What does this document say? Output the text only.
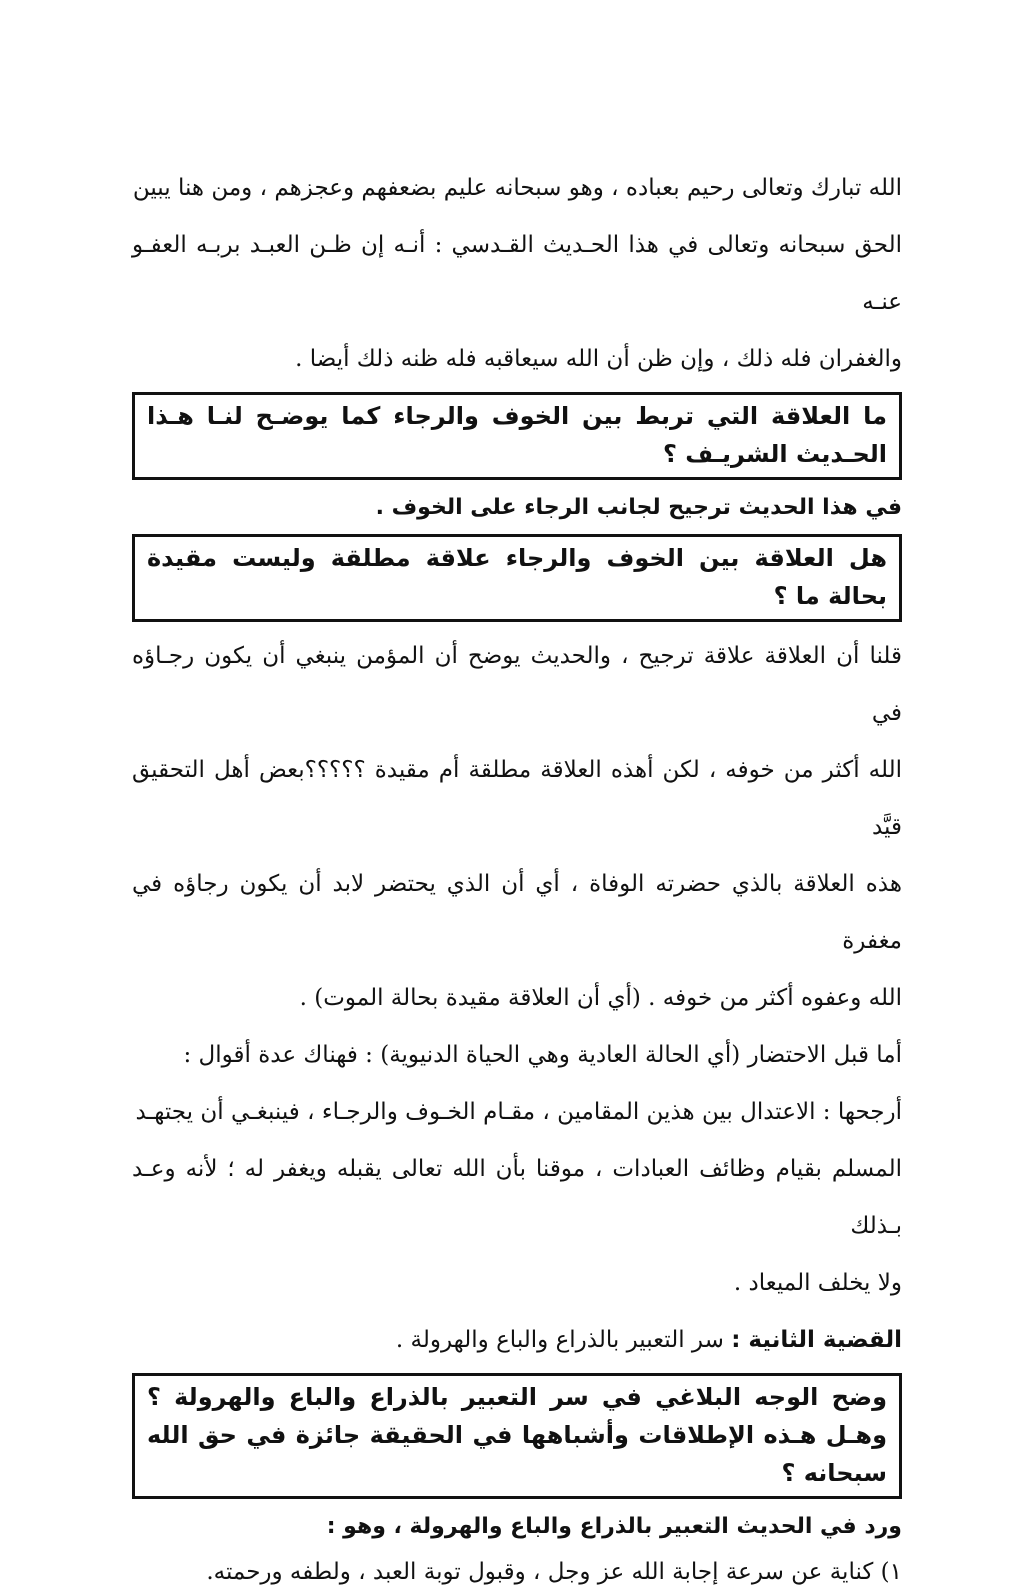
الله تبارك وتعالى رحيم بعباده ، وهو سبحانه عليم بضعفهم وعجزهم ، ومن هنا يبين

الحق سبحانه وتعالى في هذا الحـديث القـدسي : أنـه إن ظـن العبـد بربـه العفـو عنـه

والغفران فله ذلك ، وإن ظن أن الله سيعاقبه فله ظنه ذلك أيضا .

ما العلاقة التي تربط بين الخوف والرجاء كما يوضـح لنـا هـذا الحـديث الشريـف ؟

في هذا الحديث ترجيح لجانب الرجاء على الخوف .

هل العلاقة بين الخوف والرجاء علاقة مطلقة وليست مقيدة بحالة ما ؟

قلنا أن العلاقة علاقة ترجيح ، والحديث يوضح أن المؤمن ينبغي أن يكون رجـاؤه في

الله أكثر من خوفه ، لكن أهذه العلاقة مطلقة أم مقيدة ؟؟؟؟؟بعض أهل التحقيق قيَّد

هذه العلاقة بالذي حضرته الوفاة ، أي أن الذي يحتضر لابد أن يكون رجاؤه في مغفرة

الله وعفوه أكثر من خوفه . (أي أن العلاقة مقيدة بحالة الموت) .

أما قبل الاحتضار (أي الحالة العادية وهي الحياة الدنيوية) : فهناك عدة أقوال :

أرجحها : الاعتدال بين هذين المقامين ، مقـام الخـوف والرجـاء ، فينبغـي أن يجتهـد

المسلم بقيام وظائف العبادات ، موقنا بأن الله تعالى يقبله ويغفر له ؛ لأنه وعـد بـذلك

ولا يخلف الميعاد .

القضية الثانية : سر التعبير بالذراع والباع والهرولة .

وضح الوجه البلاغي في سر التعبير بالذراع والباع والهرولة ؟ وهـل هـذه الإطلاقات وأشباهها في الحقيقة جائزة في حق الله سبحانه ؟

ورد في الحديث التعبير بالذراع والباع والهرولة ، وهو :

١) كناية عن سرعة إجابة الله عز وجل ، وقبول توبة العبد ، ولطفه ورحمته.
